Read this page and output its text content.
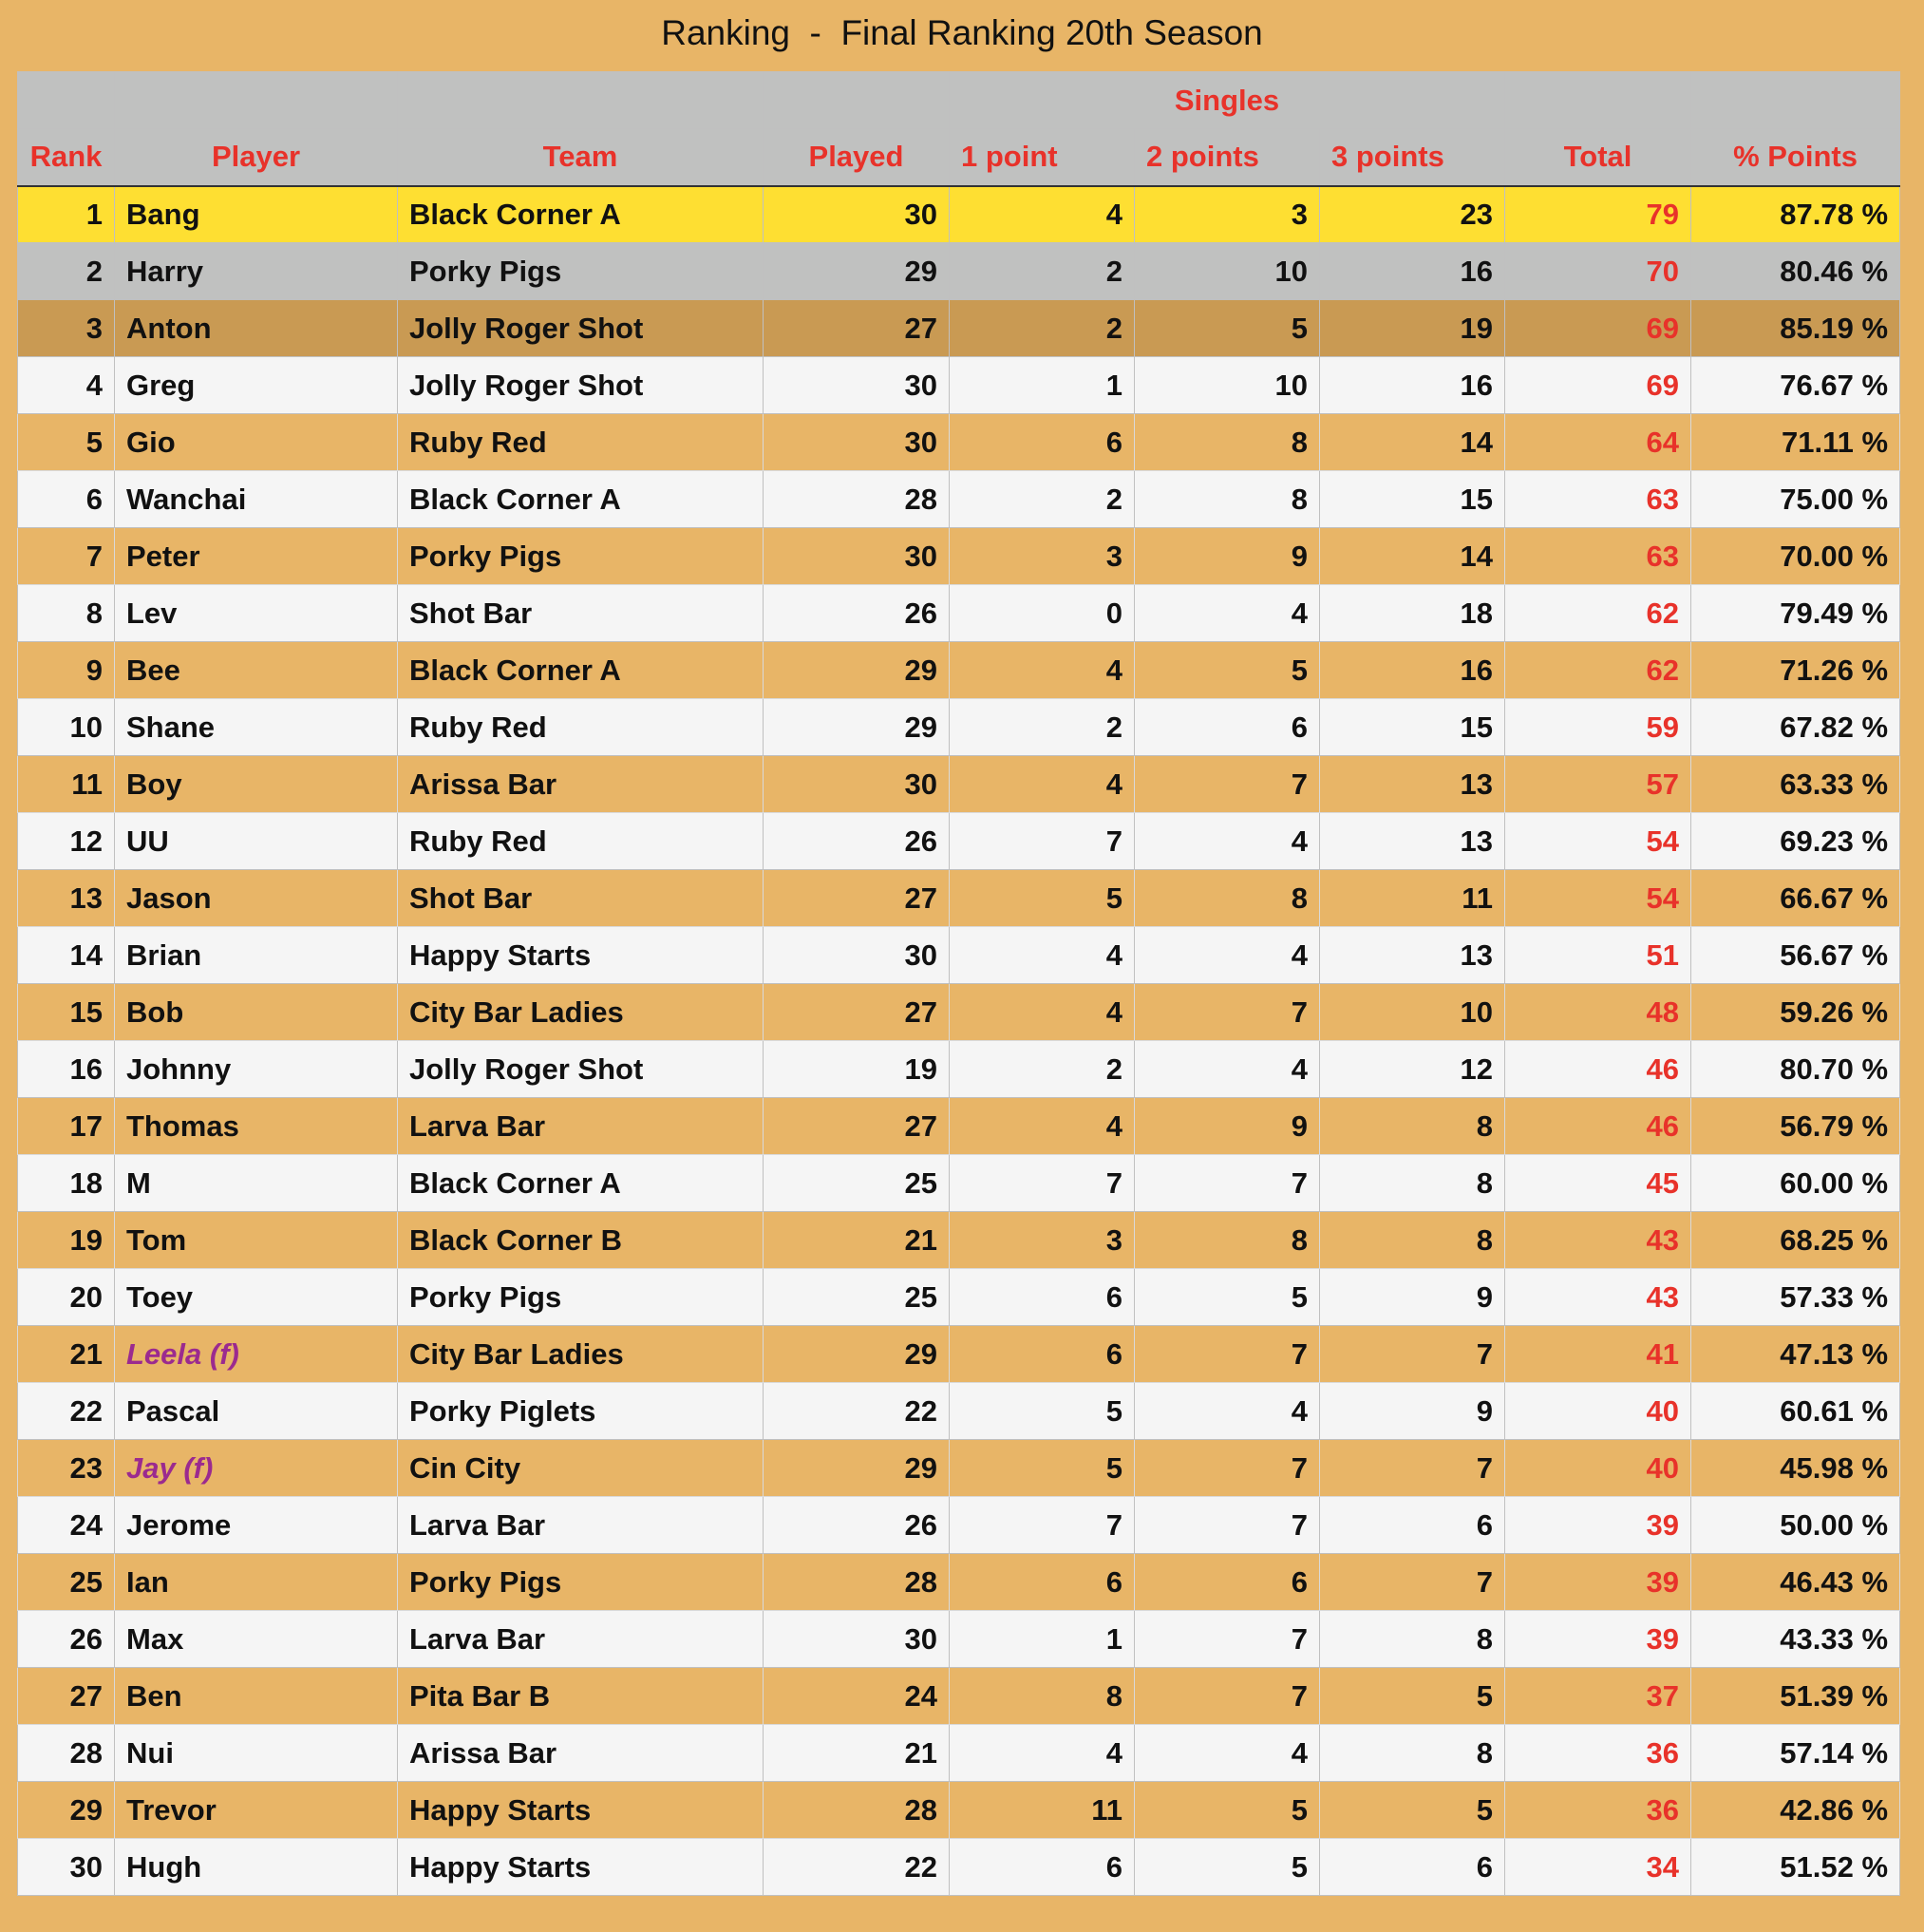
Ranking  -  Final Ranking 20th Season
				Singles				
Rank	Player	Team	Played	1 point	2 points	3 points	Total	% Points
1	Bang	Black Corner A	30	4	3	23	79	87.78 %
2	Harry	Porky Pigs	29	2	10	16	70	80.46 %
3	Anton	Jolly Roger Shot	27	2	5	19	69	85.19 %
4	Greg	Jolly Roger Shot	30	1	10	16	69	76.67 %
5	Gio	Ruby Red	30	6	8	14	64	71.11 %
6	Wanchai	Black Corner A	28	2	8	15	63	75.00 %
7	Peter	Porky Pigs	30	3	9	14	63	70.00 %
8	Lev	Shot Bar	26	0	4	18	62	79.49 %
9	Bee	Black Corner A	29	4	5	16	62	71.26 %
10	Shane	Ruby Red	29	2	6	15	59	67.82 %
11	Boy	Arissa Bar	30	4	7	13	57	63.33 %
12	UU	Ruby Red	26	7	4	13	54	69.23 %
13	Jason	Shot Bar	27	5	8	11	54	66.67 %
14	Brian	Happy Starts	30	4	4	13	51	56.67 %
15	Bob	City Bar Ladies	27	4	7	10	48	59.26 %
16	Johnny	Jolly Roger Shot	19	2	4	12	46	80.70 %
17	Thomas	Larva Bar	27	4	9	8	46	56.79 %
18	M	Black Corner A	25	7	7	8	45	60.00 %
19	Tom	Black Corner B	21	3	8	8	43	68.25 %
20	Toey	Porky Pigs	25	6	5	9	43	57.33 %
21	Leela (f)	City Bar Ladies	29	6	7	7	41	47.13 %
22	Pascal	Porky Piglets	22	5	4	9	40	60.61 %
23	Jay (f)	Cin City	29	5	7	7	40	45.98 %
24	Jerome	Larva Bar	26	7	7	6	39	50.00 %
25	Ian	Porky Pigs	28	6	6	7	39	46.43 %
26	Max	Larva Bar	30	1	7	8	39	43.33 %
27	Ben	Pita Bar B	24	8	7	5	37	51.39 %
28	Nui	Arissa Bar	21	4	4	8	36	57.14 %
29	Trevor	Happy Starts	28	11	5	5	36	42.86 %
30	Hugh	Happy Starts	22	6	5	6	34	51.52 %
